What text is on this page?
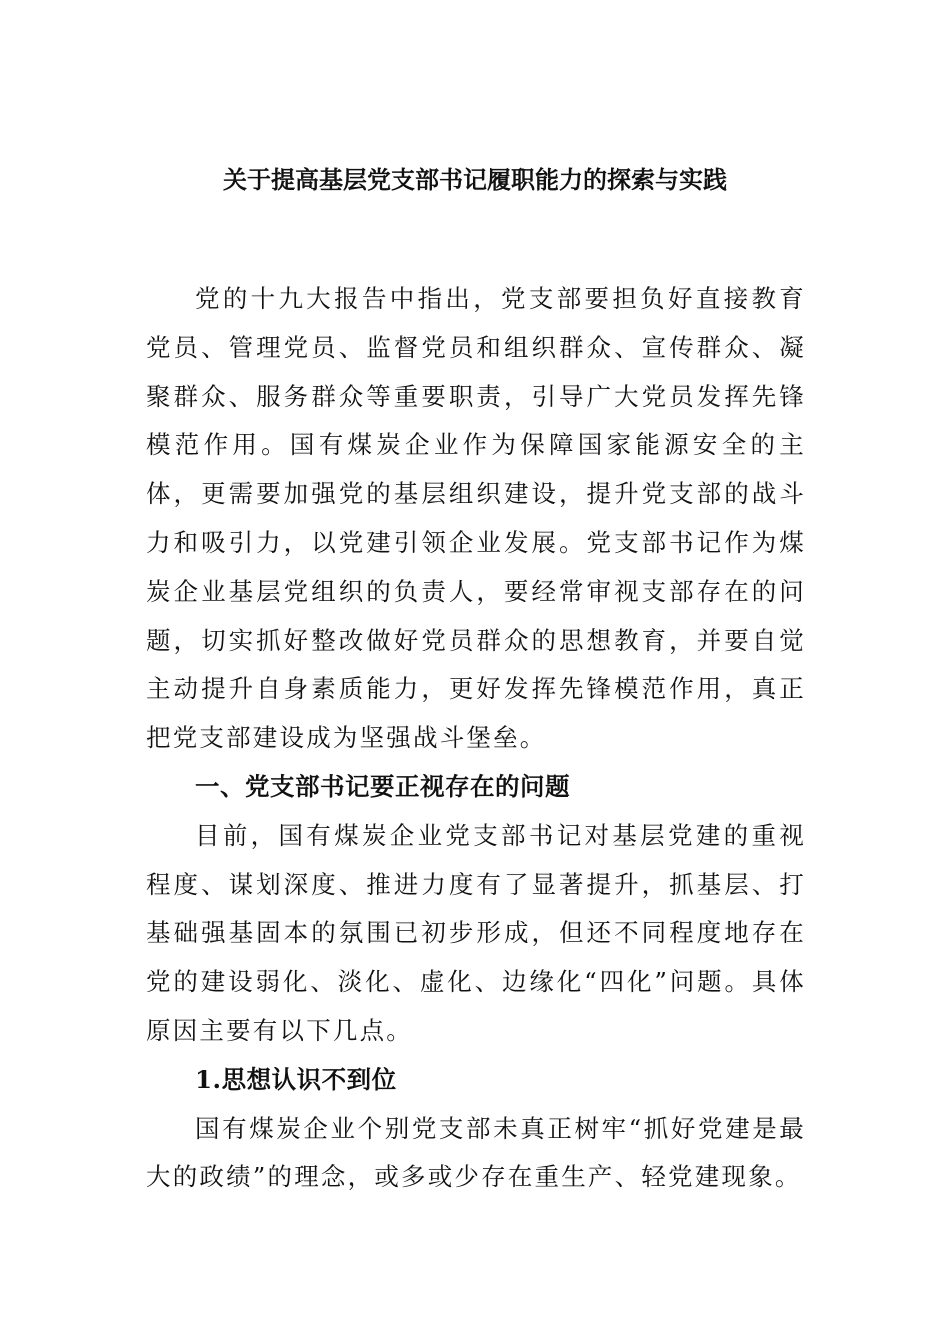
关于提高基层党支部书记履职能力的探索与实践

党的十九大报告中指出，党支部要担负好直接教育党员、管理党员、监督党员和组织群众、宣传群众、凝聚群众、服务群众等重要职责，引导广大党员发挥先锋模范作用。国有煤炭企业作为保障国家能源安全的主体，更需要加强党的基层组织建设，提升党支部的战斗力和吸引力，以党建引领企业发展。党支部书记作为煤炭企业基层党组织的负责人，要经常审视支部存在的问题，切实抓好整改做好党员群众的思想教育，并要自觉主动提升自身素质能力，更好发挥先锋模范作用，真正把党支部建设成为坚强战斗堡垒。

一、党支部书记要正视存在的问题

目前，国有煤炭企业党支部书记对基层党建的重视程度、谋划深度、推进力度有了显著提升，抓基层、打基础强基固本的氛围已初步形成，但还不同程度地存在党的建设弱化、淡化、虚化、边缘化“四化”问题。具体原因主要有以下几点。

1.思想认识不到位

国有煤炭企业个别党支部未真正树牢“抓好党建是最大的政绩”的理念，或多或少存在重生产、轻党建现象。
